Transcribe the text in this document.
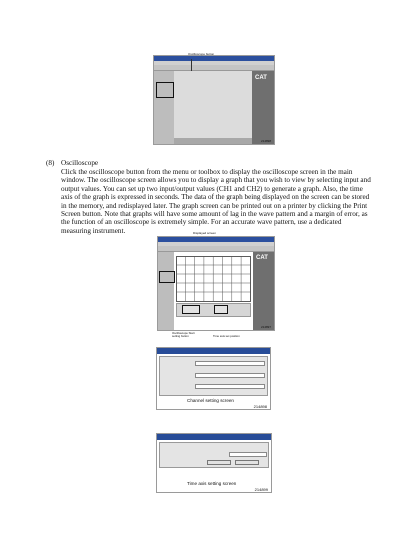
CAT
214898
Oscilloscope button
(8) Oscilloscope
Click the oscilloscope button from the menu or toolbox to display the oscilloscope screen in the main window. The oscilloscope screen allows you to display a graph that you wish to view by selecting input and output values. You can set up two input/output values (CH1 and CH2) to generate a graph. Also, the time axis of the graph is expressed in seconds. The data of the graph being displayed on the screen can be stored in the memory, and redisplayed later. The graph screen can be printed out on a printer by clicking the Print Screen button. Note that graphs will have some amount of lag in the wave pattern and a margin of error, as the function of an oscilloscope is extremely simple. For an accurate wave pattern, use a dedicated measuring instrument.
CAT
214897
Displayed screen
Oscilloscope Start setting button	Time axis set position
Channel setting screen
214898
Time axis setting screen
214899
